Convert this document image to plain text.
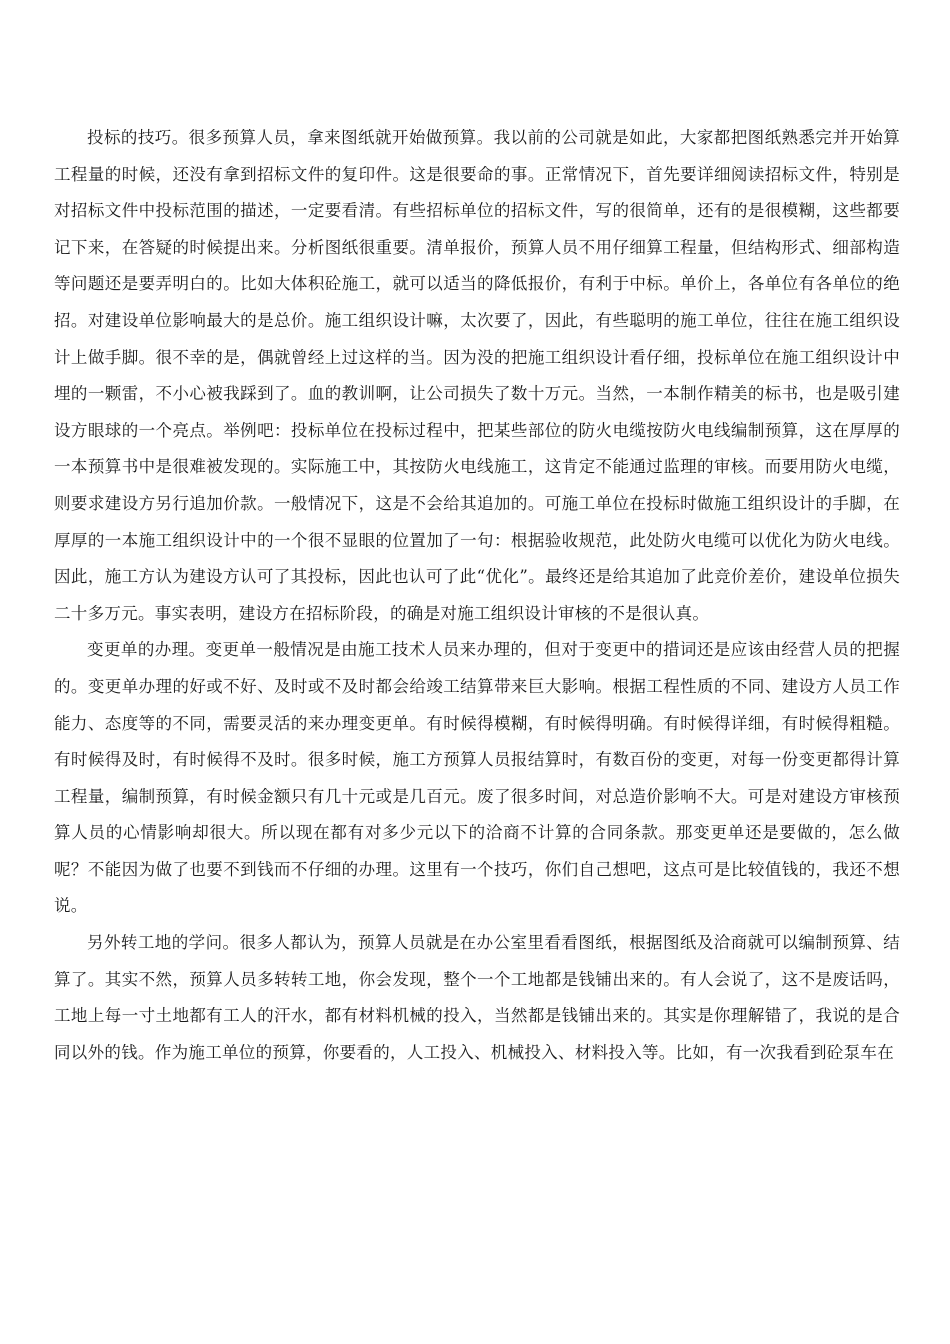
投标的技巧。很多预算人员，拿来图纸就开始做预算。我以前的公司就是如此，大家都把图纸熟悉完并开始算工程量的时候，还没有拿到招标文件的复印件。这是很要命的事。正常情况下，首先要详细阅读招标文件，特别是对招标文件中投标范围的描述，一定要看清。有些招标单位的招标文件，写的很简单，还有的是很模糊，这些都要记下来，在答疑的时候提出来。分析图纸很重要。清单报价，预算人员不用仔细算工程量，但结构形式、细部构造等问题还是要弄明白的。比如大体积砼施工，就可以适当的降低报价，有利于中标。单价上，各单位有各单位的绝招。对建设单位影响最大的是总价。施工组织设计嘛，太次要了，因此，有些聪明的施工单位，往往在施工组织设计上做手脚。很不幸的是，偶就曾经上过这样的当。因为没的把施工组织设计看仔细，投标单位在施工组织设计中埋的一颗雷，不小心被我踩到了。血的教训啊，让公司损失了数十万元。当然，一本制作精美的标书，也是吸引建设方眼球的一个亮点。举例吧：投标单位在投标过程中，把某些部位的防火电缆按防火电线编制预算，这在厚厚的一本预算书中是很难被发现的。实际施工中，其按防火电线施工，这肯定不能通过监理的审核。而要用防火电缆，则要求建设方另行追加价款。一般情况下，这是不会给其追加的。可施工单位在投标时做施工组织设计的手脚，在厚厚的一本施工组织设计中的一个很不显眼的位置加了一句：根据验收规范，此处防火电缆可以优化为防火电线。因此，施工方认为建设方认可了其投标，因此也认可了此“优化”。最终还是给其追加了此竞价差价，建设单位损失二十多万元。事实表明，建设方在招标阶段，的确是对施工组织设计审核的不是很认真。

变更单的办理。变更单一般情况是由施工技术人员来办理的，但对于变更中的措词还是应该由经营人员的把握的。变更单办理的好或不好、及时或不及时都会给竣工结算带来巨大影响。根据工程性质的不同、建设方人员工作能力、态度等的不同，需要灵活的来办理变更单。有时候得模糊，有时候得明确。有时候得详细，有时候得粗糙。有时候得及时，有时候得不及时。很多时候，施工方预算人员报结算时，有数百份的变更，对每一份变更都得计算工程量，编制预算，有时候金额只有几十元或是几百元。废了很多时间，对总造价影响不大。可是对建设方审核预算人员的心情影响却很大。所以现在都有对多少元以下的洽商不计算的合同条款。那变更单还是要做的，怎么做呢？不能因为做了也要不到钱而不仔细的办理。这里有一个技巧，你们自己想吧，这点可是比较值钱的，我还不想说。

另外转工地的学问。很多人都认为，预算人员就是在办公室里看看图纸，根据图纸及洽商就可以编制预算、结算了。其实不然，预算人员多转转工地，你会发现，整个一个工地都是钱铺出来的。有人会说了，这不是废话吗，工地上每一寸土地都有工人的汗水，都有材料机械的投入，当然都是钱铺出来的。其实是你理解错了，我说的是合同以外的钱。作为施工单位的预算，你要看的，人工投入、机械投入、材料投入等。比如，有一次我看到砼泵车在
